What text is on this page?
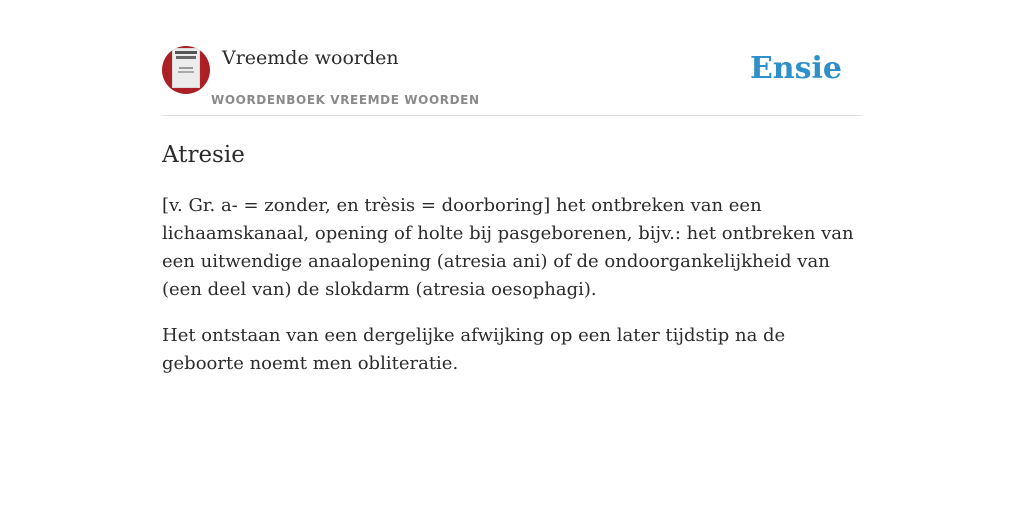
Vreemde woorden
WOORDENBOEK VREEMDE WOORDEN
Ensie
Atresie

[v. Gr. a- = zonder, en trèsis = doorboring] het ontbreken van een lichaamskanaal, opening of holte bij pasgeborenen, bijv.: het ontbreken van een uitwendige anaalopening (atresia ani) of de ondoorgankelijkheid van (een deel van) de slokdarm (atresia oesophagi).

Het ontstaan van een dergelijke afwijking op een later tijdstip na de geboorte noemt men obliteratie.
